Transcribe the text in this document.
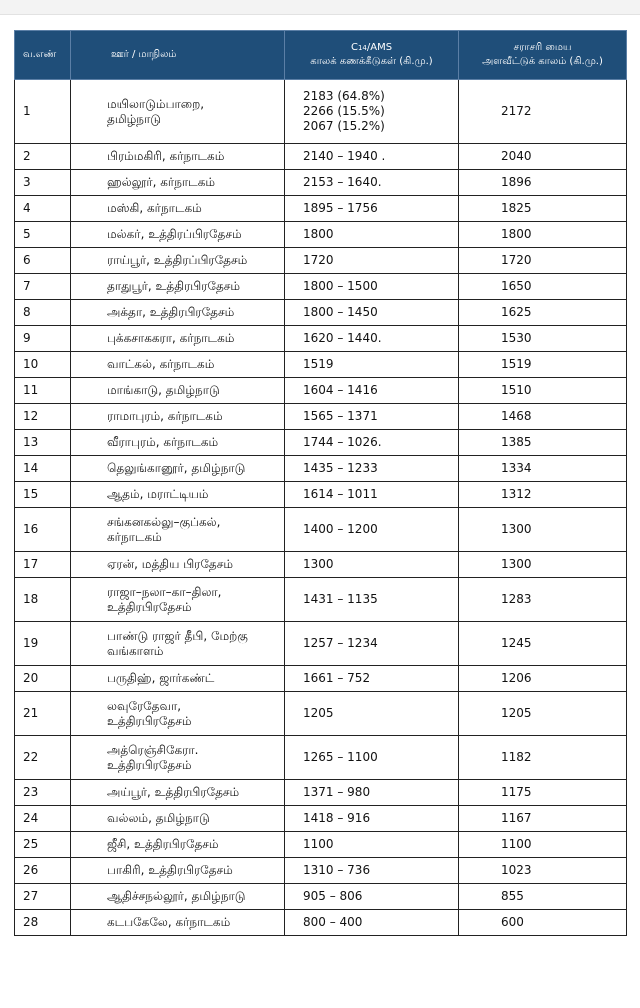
வ.எண்	ஊர் / மாநிலம்	$C^{14}$/AMS
காலக் கணக்கீடுகள் (கி.மு.)	சராசரி மைய
அளவீட்டுக் காலம் (கி.மு.)

1	மயிலாடும்பாறை,
தமிழ்நாடு	2183 (64.8%)
2266 (15.5%)
2067 (15.2%)	2172
2	பிரம்மகிரி, கர்நாடகம்	2140 – 1940 .	2040
3	ஹல்லூர், கர்நாடகம்	2153 – 1640.	1896
4	மஸ்கி, கர்நாடகம்	1895 – 1756	1825
5	மல்கர், உத்திரப்பிரதேசம்	1800	1800
6	ராய்பூர், உத்திரப்பிரதேசம்	1720	1720
7	தாதுபூர், உத்திரபிரதேசம்	1800 – 1500	1650
8	அக்தா, உத்திரபிரதேசம்	1800 – 1450	1625
9	புக்கசாககரா, கர்நாடகம்	1620 – 1440.	1530
10	வாட்கல், கர்நாடகம்	1519	1519
11	மாங்காடு, தமிழ்நாடு	1604 – 1416	1510
12	ராமாபுரம், கர்நாடகம்	1565 – 1371	1468
13	வீராபுரம், கர்நாடகம்	1744 – 1026.	1385
14	தெலுங்கானூர், தமிழ்நாடு	1435 – 1233	1334
15	ஆதம், மராட்டியம்	1614 – 1011	1312
16	சங்கனகல்லு–குப்கல்,
கர்நாடகம்	1400 – 1200	1300
17	ஏரன், மத்திய பிரதேசம்	1300	1300
18	ராஜா–நலா–கா–திலா,
உத்திரபிரதேசம்	1431 – 1135	1283
19	பாண்டு ராஜர் தீபி, மேற்கு
வங்காளம்	1257 – 1234	1245
20	பருதிஹ், ஜார்கண்ட்	1661 – 752	1206
21	லவுரேதேவா,
உத்திரபிரதேசம்	1205	1205
22	அத்ரெஞ்சிகேரா.
உத்திரபிரதேசம்	1265 – 1100	1182
23	அய்பூர், உத்திரபிரதேசம்	1371 – 980	1175
24	வல்லம், தமிழ்நாடு	1418 – 916	1167
25	ஜீசி, உத்திரபிரதேசம்	1100	1100
26	பாகிரி, உத்திரபிரதேசம்	1310 – 736	1023
27	ஆதிச்சநல்லூர், தமிழ்நாடு	905 – 806	855
28	கடபகேலே, கர்நாடகம்	800 – 400	600
